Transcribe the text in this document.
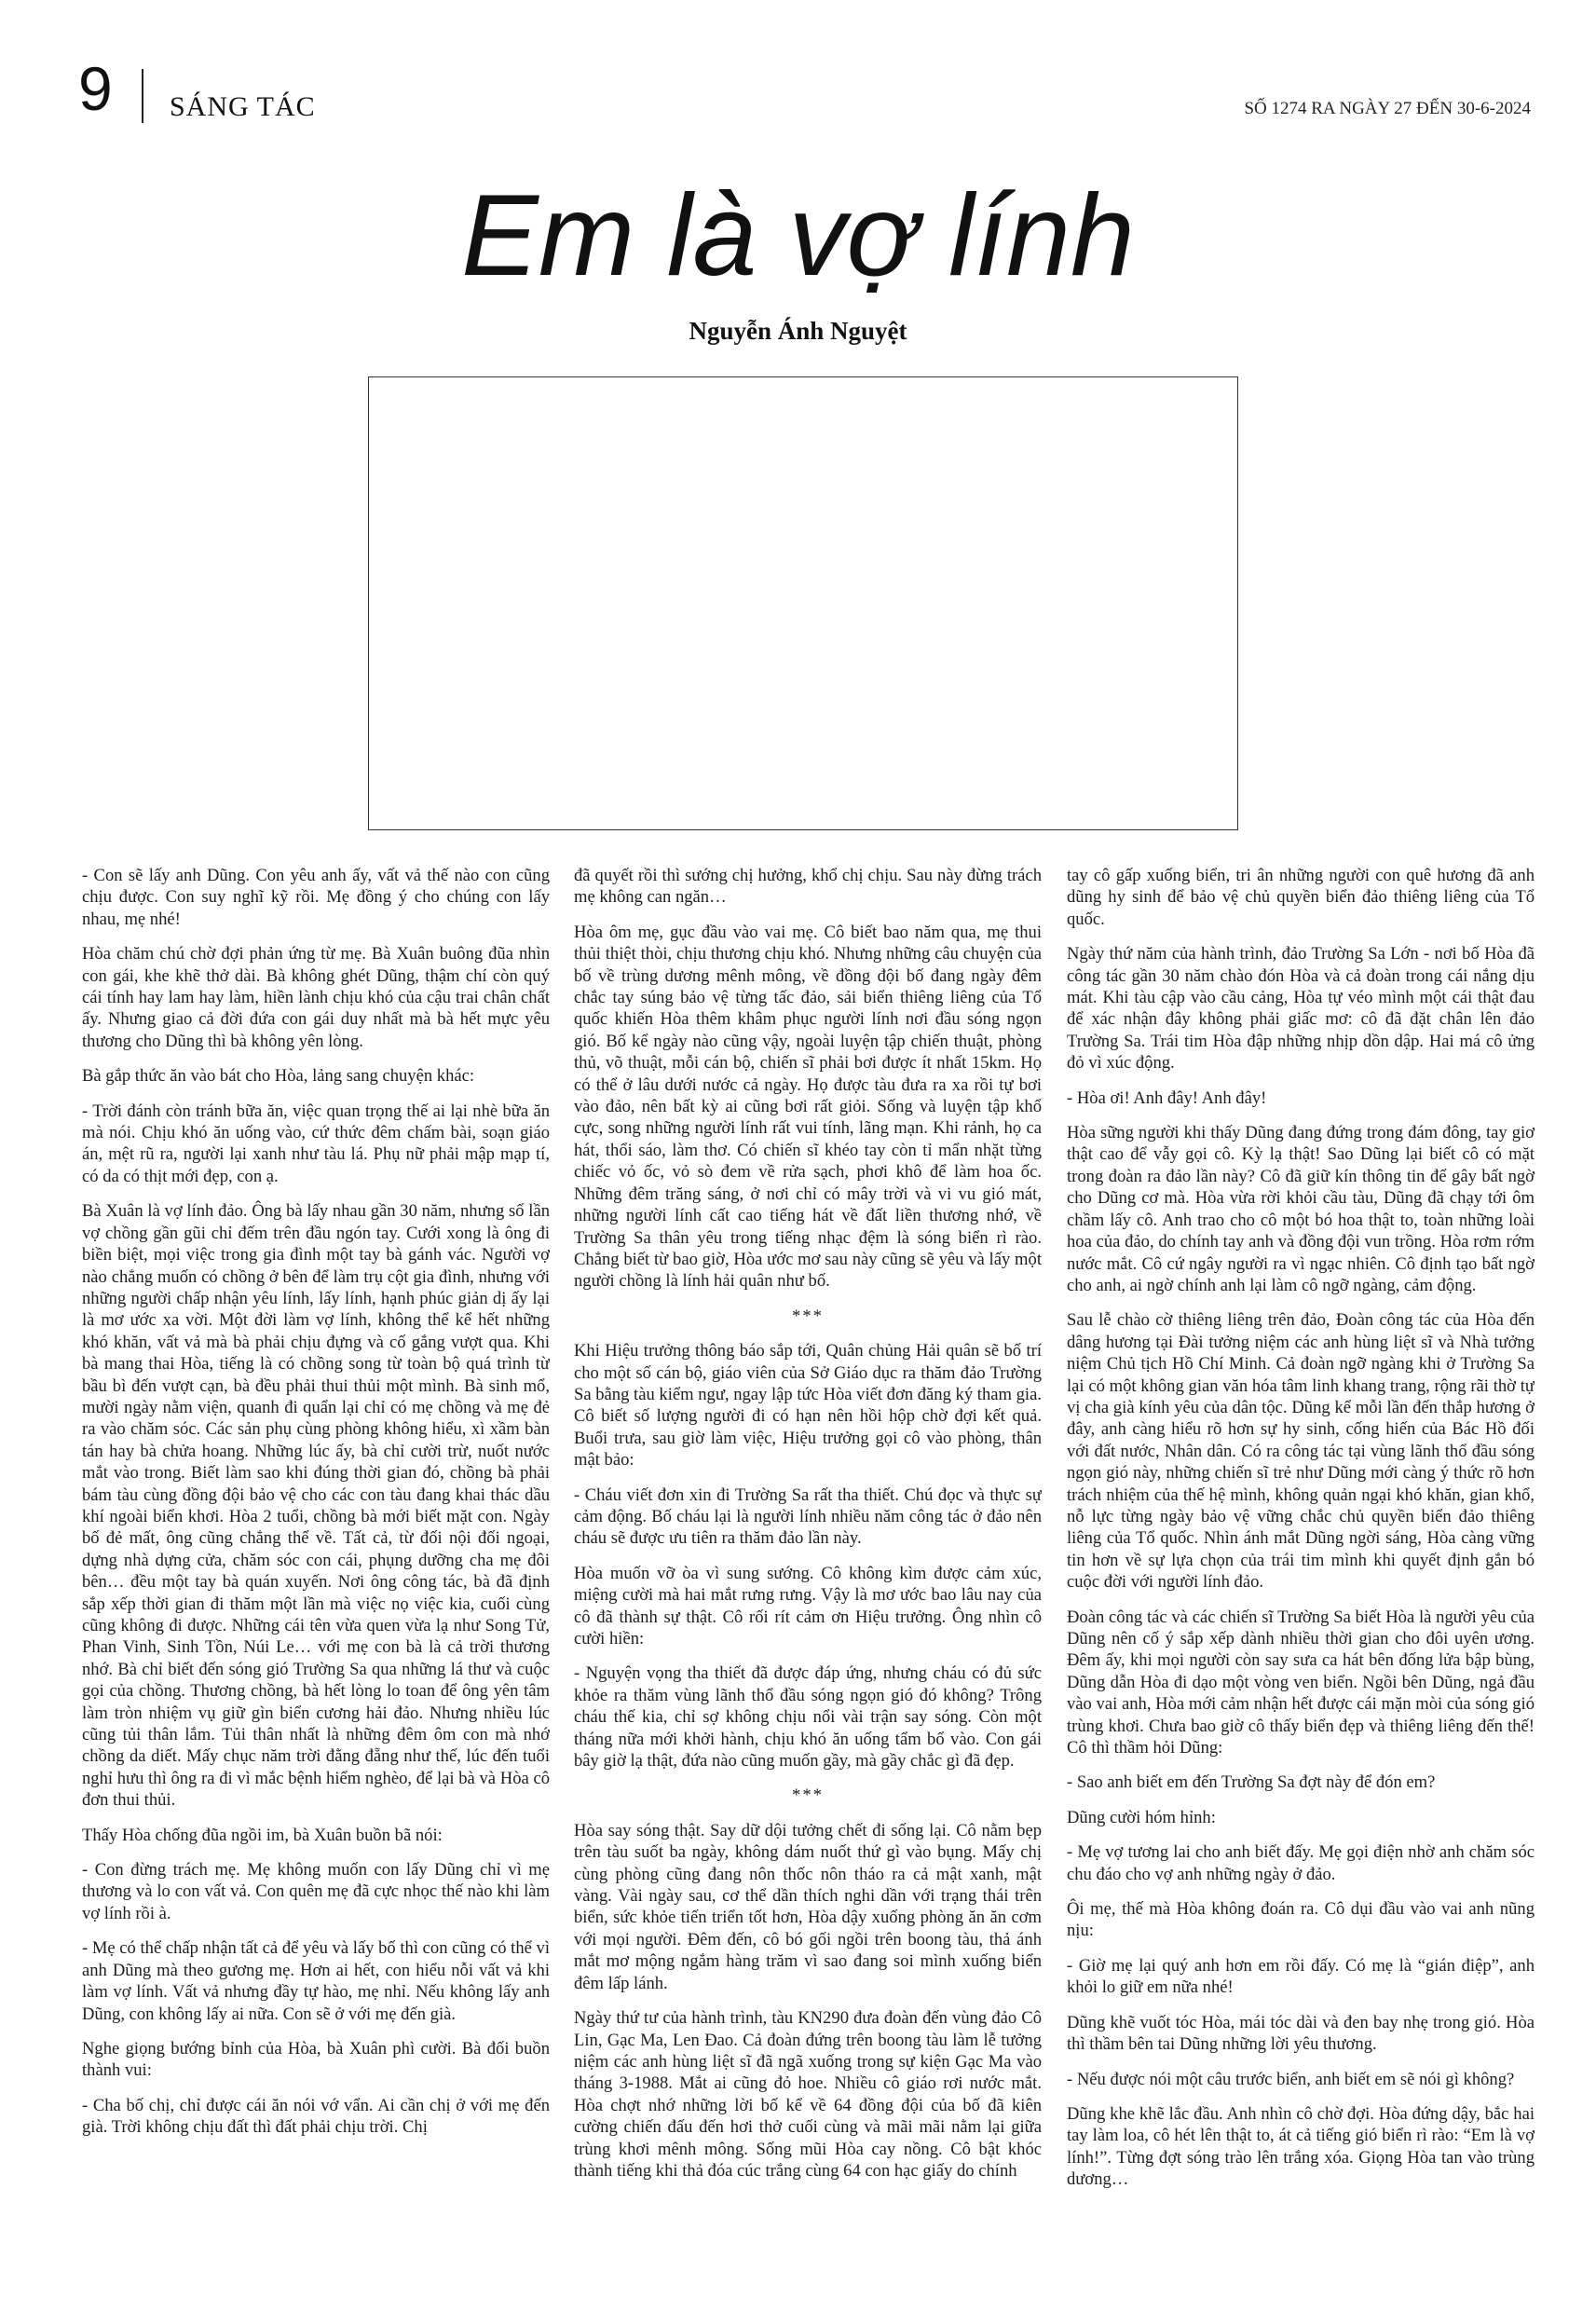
9 SÁNG TÁC	SỐ 1274 RA NGÀY 27 ĐẾN 30-6-2024
Em là vợ lính
Nguyễn Ánh Nguyệt

- Con sẽ lấy anh Dũng. Con yêu anh ấy, vất vả thế nào con cũng chịu được. Con suy nghĩ kỹ rồi. Mẹ đồng ý cho chúng con lấy nhau, mẹ nhé!

Hòa chăm chú chờ đợi phản ứng từ mẹ. Bà Xuân buông đũa nhìn con gái, khe khẽ thở dài. Bà không ghét Dũng, thậm chí còn quý cái tính hay lam hay làm, hiền lành chịu khó của cậu trai chân chất ấy. Nhưng giao cả đời đứa con gái duy nhất mà bà hết mực yêu thương cho Dũng thì bà không yên lòng.

Bà gắp thức ăn vào bát cho Hòa, lảng sang chuyện khác:

- Trời đánh còn tránh bữa ăn, việc quan trọng thế ai lại nhè bữa ăn mà nói. Chịu khó ăn uống vào, cứ thức đêm chấm bài, soạn giáo án, mệt rũ ra, người lại xanh như tàu lá. Phụ nữ phải mập mạp tí, có da có thịt mới đẹp, con ạ.

Bà Xuân là vợ lính đảo. Ông bà lấy nhau gần 30 năm, nhưng số lần vợ chồng gần gũi chỉ đếm trên đầu ngón tay. Cưới xong là ông đi biền biệt, mọi việc trong gia đình một tay bà gánh vác. Người vợ nào chẳng muốn có chồng ở bên để làm trụ cột gia đình, nhưng với những người chấp nhận yêu lính, lấy lính, hạnh phúc giản dị ấy lại là mơ ước xa vời. Một đời làm vợ lính, không thể kể hết những khó khăn, vất vả mà bà phải chịu đựng và cố gắng vượt qua. Khi bà mang thai Hòa, tiếng là có chồng song từ toàn bộ quá trình từ bầu bì đến vượt cạn, bà đều phải thui thủi một mình. Bà sinh mổ, mười ngày nằm viện, quanh đi quẩn lại chỉ có mẹ chồng và mẹ đẻ ra vào chăm sóc. Các sản phụ cùng phòng không hiểu, xì xầm bàn tán hay bà chửa hoang. Những lúc ấy, bà chỉ cười trừ, nuốt nước mắt vào trong. Biết làm sao khi đúng thời gian đó, chồng bà phải bám tàu cùng đồng đội bảo vệ cho các con tàu đang khai thác dầu khí ngoài biển khơi. Hòa 2 tuổi, chồng bà mới biết mặt con. Ngày bố đẻ mất, ông cũng chẳng thể về. Tất cả, từ đối nội đối ngoại, dựng nhà dựng cửa, chăm sóc con cái, phụng dưỡng cha mẹ đôi bên… đều một tay bà quán xuyến. Nơi ông công tác, bà đã định sắp xếp thời gian đi thăm một lần mà việc nọ việc kia, cuối cùng cũng không đi được. Những cái tên vừa quen vừa lạ như Song Tử, Phan Vinh, Sinh Tồn, Núi Le… với mẹ con bà là cả trời thương nhớ. Bà chỉ biết đến sóng gió Trường Sa qua những lá thư và cuộc gọi của chồng. Thương chồng, bà hết lòng lo toan để ông yên tâm làm tròn nhiệm vụ giữ gìn biển cương hải đảo. Nhưng nhiều lúc cũng tủi thân lắm. Tủi thân nhất là những đêm ôm con mà nhớ chồng da diết. Mấy chục năm trời đằng đẵng như thế, lúc đến tuổi nghỉ hưu thì ông ra đi vì mắc bệnh hiểm nghèo, để lại bà và Hòa cô đơn thui thủi.

Thấy Hòa chống đũa ngồi im, bà Xuân buồn bã nói:

- Con đừng trách mẹ. Mẹ không muốn con lấy Dũng chỉ vì mẹ thương và lo con vất vả. Con quên mẹ đã cực nhọc thế nào khi làm vợ lính rồi à.

- Mẹ có thể chấp nhận tất cả để yêu và lấy bố thì con cũng có thể vì anh Dũng mà theo gương mẹ. Hơn ai hết, con hiểu nỗi vất vả khi làm vợ lính. Vất vả nhưng đầy tự hào, mẹ nhỉ. Nếu không lấy anh Dũng, con không lấy ai nữa. Con sẽ ở với mẹ đến già.

Nghe giọng bướng bỉnh của Hòa, bà Xuân phì cười. Bà đối buồn thành vui:

- Cha bố chị, chỉ được cái ăn nói vớ vẩn. Ai cần chị ở với mẹ đến già. Trời không chịu đất thì đất phải chịu trời. Chị

đã quyết rồi thì sướng chị hưởng, khổ chị chịu. Sau này đừng trách mẹ không can ngăn…

Hòa ôm mẹ, gục đầu vào vai mẹ. Cô biết bao năm qua, mẹ thui thủi thiệt thòi, chịu thương chịu khó. Nhưng những câu chuyện của bố về trùng dương mênh mông, về đồng đội bố đang ngày đêm chắc tay súng bảo vệ từng tấc đảo, sải biển thiêng liêng của Tổ quốc khiến Hòa thêm khâm phục người lính nơi đầu sóng ngọn gió. Bố kể ngày nào cũng vậy, ngoài luyện tập chiến thuật, phòng thủ, võ thuật, mỗi cán bộ, chiến sĩ phải bơi được ít nhất 15km. Họ có thể ở lâu dưới nước cả ngày. Họ được tàu đưa ra xa rồi tự bơi vào đảo, nên bất kỳ ai cũng bơi rất giỏi. Sống và luyện tập khổ cực, song những người lính rất vui tính, lãng mạn. Khi rảnh, họ ca hát, thổi sáo, làm thơ. Có chiến sĩ khéo tay còn tỉ mẩn nhặt từng chiếc vỏ ốc, vỏ sò đem về rửa sạch, phơi khô để làm hoa ốc. Những đêm trăng sáng, ở nơi chỉ có mây trời và vi vu gió mát, những người lính cất cao tiếng hát về đất liền thương nhớ, về Trường Sa thân yêu trong tiếng nhạc đệm là sóng biển rì rào. Chẳng biết từ bao giờ, Hòa ước mơ sau này cũng sẽ yêu và lấy một người chồng là lính hải quân như bố.

***

Khi Hiệu trưởng thông báo sắp tới, Quân chủng Hải quân sẽ bố trí cho một số cán bộ, giáo viên của Sở Giáo dục ra thăm đảo Trường Sa bằng tàu kiểm ngư, ngay lập tức Hòa viết đơn đăng ký tham gia. Cô biết số lượng người đi có hạn nên hồi hộp chờ đợi kết quả. Buổi trưa, sau giờ làm việc, Hiệu trưởng gọi cô vào phòng, thân mật bảo:

- Cháu viết đơn xin đi Trường Sa rất tha thiết. Chú đọc và thực sự cảm động. Bố cháu lại là người lính nhiều năm công tác ở đảo nên cháu sẽ được ưu tiên ra thăm đảo lần này.

Hòa muốn vỡ òa vì sung sướng. Cô không kìm được cảm xúc, miệng cười mà hai mắt rưng rưng. Vậy là mơ ước bao lâu nay của cô đã thành sự thật. Cô rối rít cảm ơn Hiệu trưởng. Ông nhìn cô cười hiền:

- Nguyện vọng tha thiết đã được đáp ứng, nhưng cháu có đủ sức khỏe ra thăm vùng lãnh thổ đầu sóng ngọn gió đó không? Trông cháu thế kia, chỉ sợ không chịu nổi vài trận say sóng. Còn một tháng nữa mới khởi hành, chịu khó ăn uống tẩm bổ vào. Con gái bây giờ lạ thật, đứa nào cũng muốn gầy, mà gầy chắc gì đã đẹp.

***

Hòa say sóng thật. Say dữ dội tưởng chết đi sống lại. Cô nằm bẹp trên tàu suốt ba ngày, không dám nuốt thứ gì vào bụng. Mấy chị cùng phòng cũng đang nôn thốc nôn tháo ra cả mật xanh, mật vàng. Vài ngày sau, cơ thể dần thích nghi dần với trạng thái trên biển, sức khỏe tiến triển tốt hơn, Hòa dậy xuống phòng ăn ăn cơm với mọi người. Đêm đến, cô bó gối ngồi trên boong tàu, thả ánh mắt mơ mộng ngắm hàng trăm vì sao đang soi mình xuống biển đêm lấp lánh.

Ngày thứ tư của hành trình, tàu KN290 đưa đoàn đến vùng đảo Cô Lin, Gạc Ma, Len Đao. Cả đoàn đứng trên boong tàu làm lễ tưởng niệm các anh hùng liệt sĩ đã ngã xuống trong sự kiện Gạc Ma vào tháng 3-1988. Mắt ai cũng đỏ hoe. Nhiều cô giáo rơi nước mắt. Hòa chợt nhớ những lời bố kể về 64 đồng đội của bố đã kiên cường chiến đấu đến hơi thở cuối cùng và mãi mãi nằm lại giữa trùng khơi mênh mông. Sống mũi Hòa cay nồng. Cô bật khóc thành tiếng khi thả đóa cúc trắng cùng 64 con hạc giấy do chính

tay cô gấp xuống biển, tri ân những người con quê hương đã anh dũng hy sinh để bảo vệ chủ quyền biển đảo thiêng liêng của Tổ quốc.

Ngày thứ năm của hành trình, đảo Trường Sa Lớn - nơi bố Hòa đã công tác gần 30 năm chào đón Hòa và cả đoàn trong cái nắng dịu mát. Khi tàu cập vào cầu cảng, Hòa tự véo mình một cái thật đau để xác nhận đây không phải giấc mơ: cô đã đặt chân lên đảo Trường Sa. Trái tim Hòa đập những nhịp dồn dập. Hai má cô ửng đỏ vì xúc động.

- Hòa ơi! Anh đây! Anh đây!

Hòa sững người khi thấy Dũng đang đứng trong đám đông, tay giơ thật cao để vẫy gọi cô. Kỳ lạ thật! Sao Dũng lại biết cô có mặt trong đoàn ra đảo lần này? Cô đã giữ kín thông tin để gây bất ngờ cho Dũng cơ mà. Hòa vừa rời khỏi cầu tàu, Dũng đã chạy tới ôm chầm lấy cô. Anh trao cho cô một bó hoa thật to, toàn những loài hoa của đảo, do chính tay anh và đồng đội vun trồng. Hòa rơm rớm nước mắt. Cô cứ ngây người ra vì ngạc nhiên. Cô định tạo bất ngờ cho anh, ai ngờ chính anh lại làm cô ngỡ ngàng, cảm động.

Sau lễ chào cờ thiêng liêng trên đảo, Đoàn công tác của Hòa đến dâng hương tại Đài tưởng niệm các anh hùng liệt sĩ và Nhà tưởng niệm Chủ tịch Hồ Chí Minh. Cả đoàn ngỡ ngàng khi ở Trường Sa lại có một không gian văn hóa tâm linh khang trang, rộng rãi thờ tự vị cha già kính yêu của dân tộc. Dũng kể mỗi lần đến thắp hương ở đây, anh càng hiểu rõ hơn sự hy sinh, cống hiến của Bác Hồ đối với đất nước, Nhân dân. Có ra công tác tại vùng lãnh thổ đầu sóng ngọn gió này, những chiến sĩ trẻ như Dũng mới càng ý thức rõ hơn trách nhiệm của thế hệ mình, không quản ngại khó khăn, gian khổ, nỗ lực từng ngày bảo vệ vững chắc chủ quyền biển đảo thiêng liêng của Tổ quốc. Nhìn ánh mắt Dũng ngời sáng, Hòa càng vững tin hơn về sự lựa chọn của trái tim mình khi quyết định gắn bó cuộc đời với người lính đảo.

Đoàn công tác và các chiến sĩ Trường Sa biết Hòa là người yêu của Dũng nên cố ý sắp xếp dành nhiều thời gian cho đôi uyên ương. Đêm ấy, khi mọi người còn say sưa ca hát bên đống lửa bập bùng, Dũng dẫn Hòa đi dạo một vòng ven biển. Ngồi bên Dũng, ngả đầu vào vai anh, Hòa mới cảm nhận hết được cái mặn mòi của sóng gió trùng khơi. Chưa bao giờ cô thấy biển đẹp và thiêng liêng đến thế! Cô thì thầm hỏi Dũng:

- Sao anh biết em đến Trường Sa đợt này để đón em?

Dũng cười hóm hỉnh:

- Mẹ vợ tương lai cho anh biết đấy. Mẹ gọi điện nhờ anh chăm sóc chu đáo cho vợ anh những ngày ở đảo.

Ôi mẹ, thế mà Hòa không đoán ra. Cô dụi đầu vào vai anh nũng nịu:

- Giờ mẹ lại quý anh hơn em rồi đấy. Có mẹ là “gián điệp”, anh khỏi lo giữ em nữa nhé!

Dũng khẽ vuốt tóc Hòa, mái tóc dài và đen bay nhẹ trong gió. Hòa thì thầm bên tai Dũng những lời yêu thương.

- Nếu được nói một câu trước biển, anh biết em sẽ nói gì không?

Dũng khe khẽ lắc đầu. Anh nhìn cô chờ đợi. Hòa đứng dậy, bắc hai tay làm loa, cô hét lên thật to, át cả tiếng gió biển rì rào: “Em là vợ lính!”. Từng đợt sóng trào lên trắng xóa. Giọng Hòa tan vào trùng dương…
